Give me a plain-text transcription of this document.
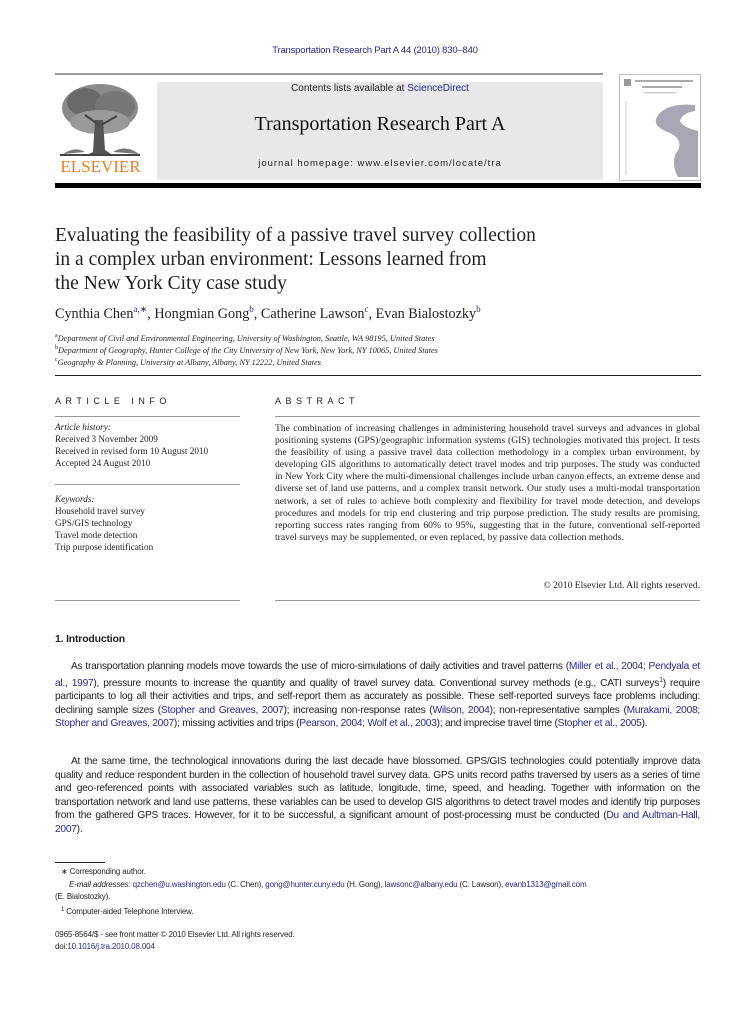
Transportation Research Part A 44 (2010) 830–840
ELSEVIER
Contents lists available at ScienceDirect
Transportation Research Part A
journal homepage: www.elsevier.com/locate/tra
Evaluating the feasibility of a passive travel survey collection
in a complex urban environment: Lessons learned from
the New York City case study
Cynthia Chen$^{a,∗}$, Hongmian Gong$^b$, Catherine Lawson$^c$, Evan Bialostozky$^b$
$^a$Department of Civil and Environmental Engineering, University of Washington, Seattle, WA 98195, United States
$^b$Department of Geography, Hunter College of the City University of New York, New York, NY 10065, United States
$^c$Geography & Planning, University at Albany, Albany, NY 12222, United States
ARTICLE INFO
Article history:
Received 3 November 2009
Received in revised form 10 August 2010
Accepted 24 August 2010
Keywords:
Household travel survey
GPS/GIS technology
Travel mode detection
Trip purpose identification
ABSTRACT
The combination of increasing challenges in administering household travel surveys and advances in global positioning systems (GPS)/geographic information systems (GIS) technologies motivated this project. It tests the feasibility of using a passive travel data collection methodology in a complex urban environment, by developing GIS algorithms to automatically detect travel modes and trip purposes. The study was conducted in New York City where the multi-dimensional challenges include urban canyon effects, an extreme dense and diverse set of land use patterns, and a complex transit network. Our study uses a multi-modal transportation network, a set of rules to achieve both complexity and flexibility for travel mode detection, and develops procedures and models for trip end clustering and trip purpose prediction. The study results are promising, reporting success rates ranging from 60% to 95%, suggesting that in the future, conventional self-reported travel surveys may be supplemented, or even replaced, by passive data collection methods.
© 2010 Elsevier Ltd. All rights reserved.
1. Introduction
As transportation planning models move towards the use of micro-simulations of daily activities and travel patterns (Miller et al., 2004; Pendyala et al., 1997), pressure mounts to increase the quantity and quality of travel survey data. Conventional survey methods (e.g., CATI surveys$^1$) require participants to log all their activities and trips, and self-report them as accurately as possible. These self-reported surveys face problems including: declining sample sizes (Stopher and Greaves, 2007); increasing non-response rates (Wilson, 2004); non-representative samples (Murakami, 2008; Stopher and Greaves, 2007); missing activities and trips (Pearson, 2004; Wolf et al., 2003); and imprecise travel time (Stopher et al., 2005).
At the same time, the technological innovations during the last decade have blossomed. GPS/GIS technologies could potentially improve data quality and reduce respondent burden in the collection of household travel survey data. GPS units record paths traversed by users as a series of time and geo-referenced points with associated variables such as latitude, longitude, time, speed, and heading. Together with information on the transportation network and land use patterns, these variables can be used to develop GIS algorithms to detect travel modes and identify trip purposes from the gathered GPS traces. However, for it to be successful, a significant amount of post-processing must be conducted (Du and Aultman-Hall, 2007).
∗ Corresponding author.
E-mail addresses: qzchen@u.washington.edu (C. Chen), gong@hunter.cuny.edu (H. Gong), lawsonc@albany.edu (C. Lawson), evanb1313@gmail.com
(E. Bialostozky).
$^1$ Computer-aided Telephone Interview.
0965-8564/$ - see front matter © 2010 Elsevier Ltd. All rights reserved.
doi:10.1016/j.tra.2010.08.004
